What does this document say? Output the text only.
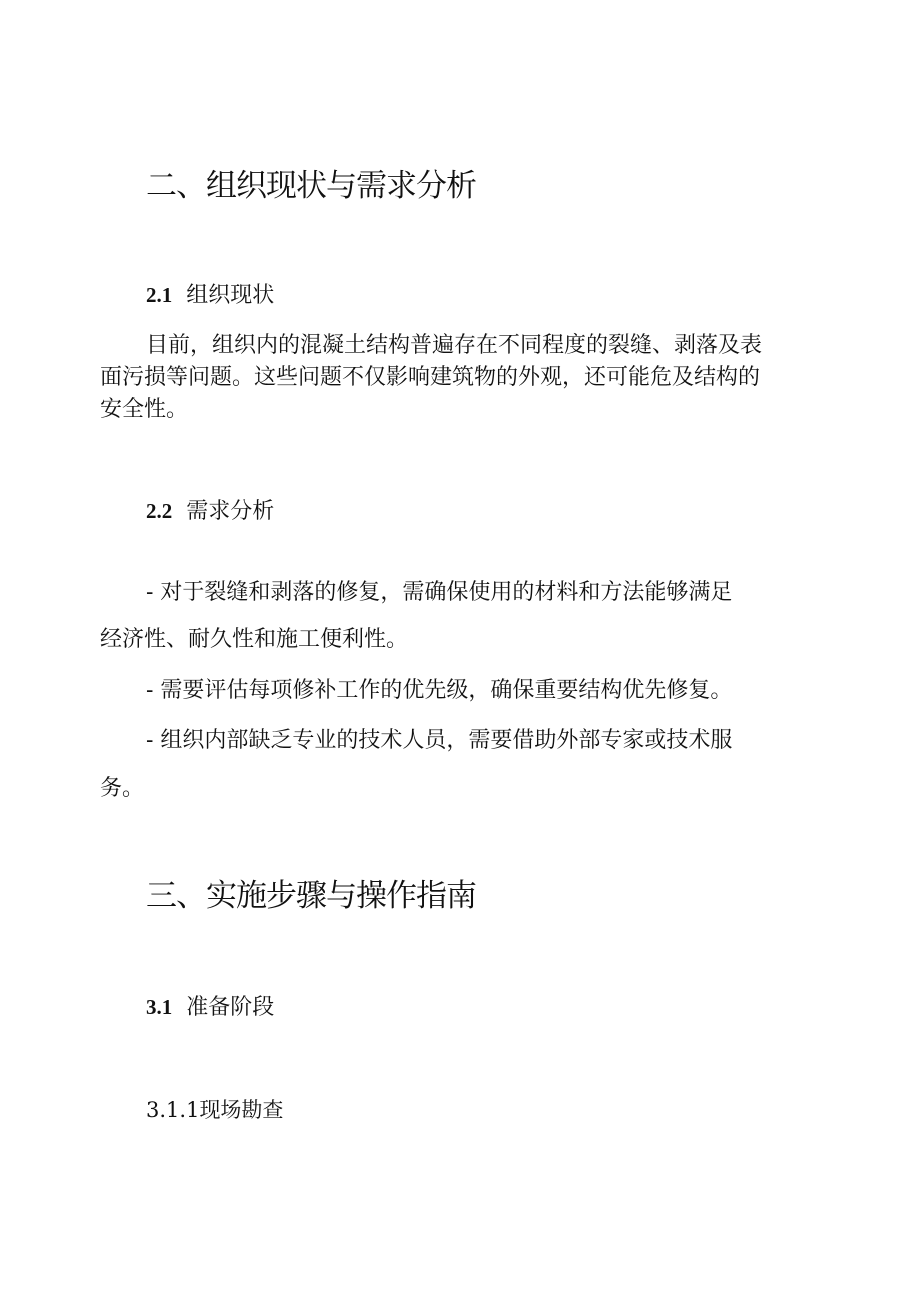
二、组织现状与需求分析
2.1 组织现状
目前，组织内的混凝土结构普遍存在不同程度的裂缝、剥落及表
面污损等问题。这些问题不仅影响建筑物的外观，还可能危及结构的
安全性。
2.2 需求分析
- 对于裂缝和剥落的修复，需确保使用的材料和方法能够满足
经济性、耐久性和施工便利性。
- 需要评估每项修补工作的优先级，确保重要结构优先修复。
- 组织内部缺乏专业的技术人员，需要借助外部专家或技术服
务。
三、实施步骤与操作指南
3.1 准备阶段
3.1.1现场勘查
